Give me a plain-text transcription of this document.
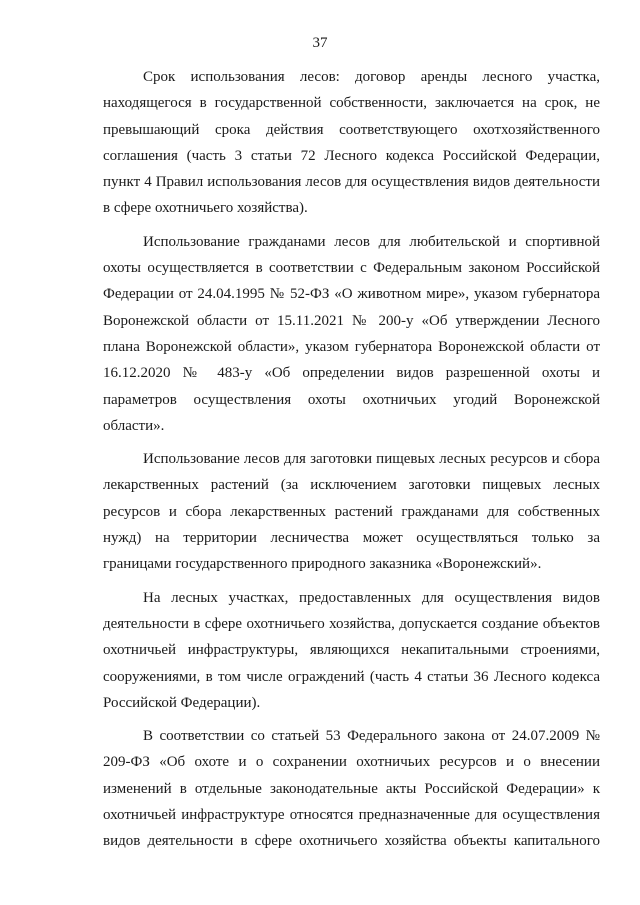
37

Срок использования лесов: договор аренды лесного участка, находящегося в государственной собственности, заключается на срок, не превышающий срока действия соответствующего охотхозяйственного соглашения (часть 3 статьи 72 Лесного кодекса Российской Федерации, пункт 4 Правил использования лесов для осуществления видов деятельности в сфере охотничьего хозяйства).

Использование гражданами лесов для любительской и спортивной охоты осуществляется в соответствии с Федеральным законом Российской Федерации от 24.04.1995 № 52-ФЗ «О животном мире», указом губернатора Воронежской области от 15.11.2021 № 200-у «Об утверждении Лесного плана Воронежской области», указом губернатора Воронежской области от 16.12.2020 № 483-у «Об определении видов разрешенной охоты и параметров осуществления охоты охотничьих угодий Воронежской области».

Использование лесов для заготовки пищевых лесных ресурсов и сбора лекарственных растений (за исключением заготовки пищевых лесных ресурсов и сбора лекарственных растений гражданами для собственных нужд) на территории лесничества может осуществляться только за границами государственного природного заказника «Воронежский».

На лесных участках, предоставленных для осуществления видов деятельности в сфере охотничьего хозяйства, допускается создание объектов охотничьей инфраструктуры, являющихся некапитальными строениями, сооружениями, в том числе ограждений (часть 4 статьи 36 Лесного кодекса Российской Федерации).

В соответствии со статьей 53 Федерального закона от 24.07.2009 № 209-ФЗ «Об охоте и о сохранении охотничьих ресурсов и о внесении изменений в отдельные законодательные акты Российской Федерации» к охотничьей инфраструктуре относятся предназначенные для осуществления видов деятельности в сфере охотничьего хозяйства объекты капитального
